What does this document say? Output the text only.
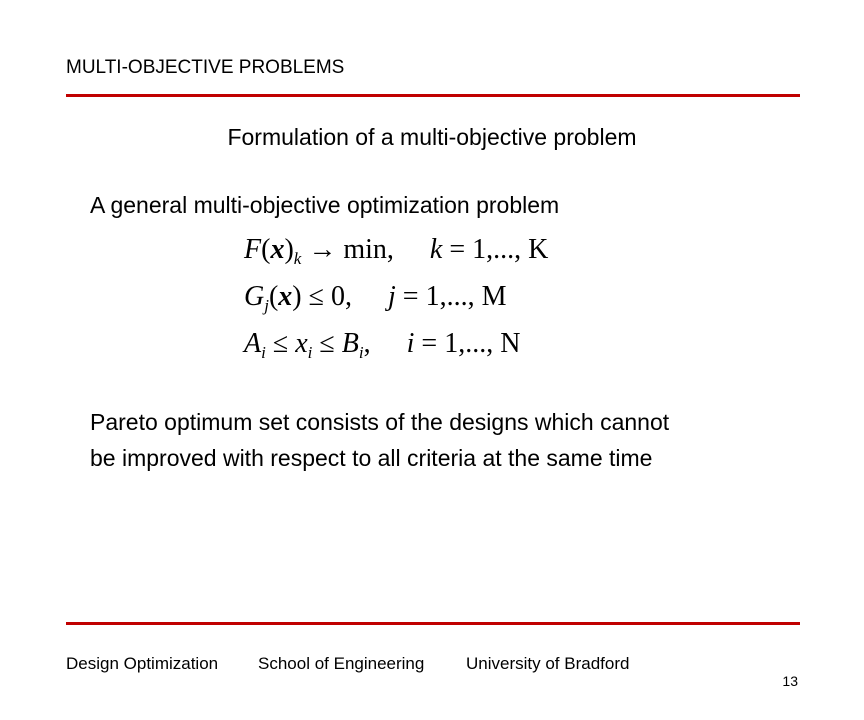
MULTI-OBJECTIVE PROBLEMS
Formulation of a multi-objective problem
A general multi-objective optimization problem
$F(x)_k \to \min$, k = 1,..., K
$G_j(x) \le 0$, j = 1,..., M
$A_i \le x_i \le B_i$,  i = 1,..., N
Pareto optimum set consists of the designs which cannot
be improved with respect to all criteria at the same time
Design Optimization School of Engineering University of Bradford
13
